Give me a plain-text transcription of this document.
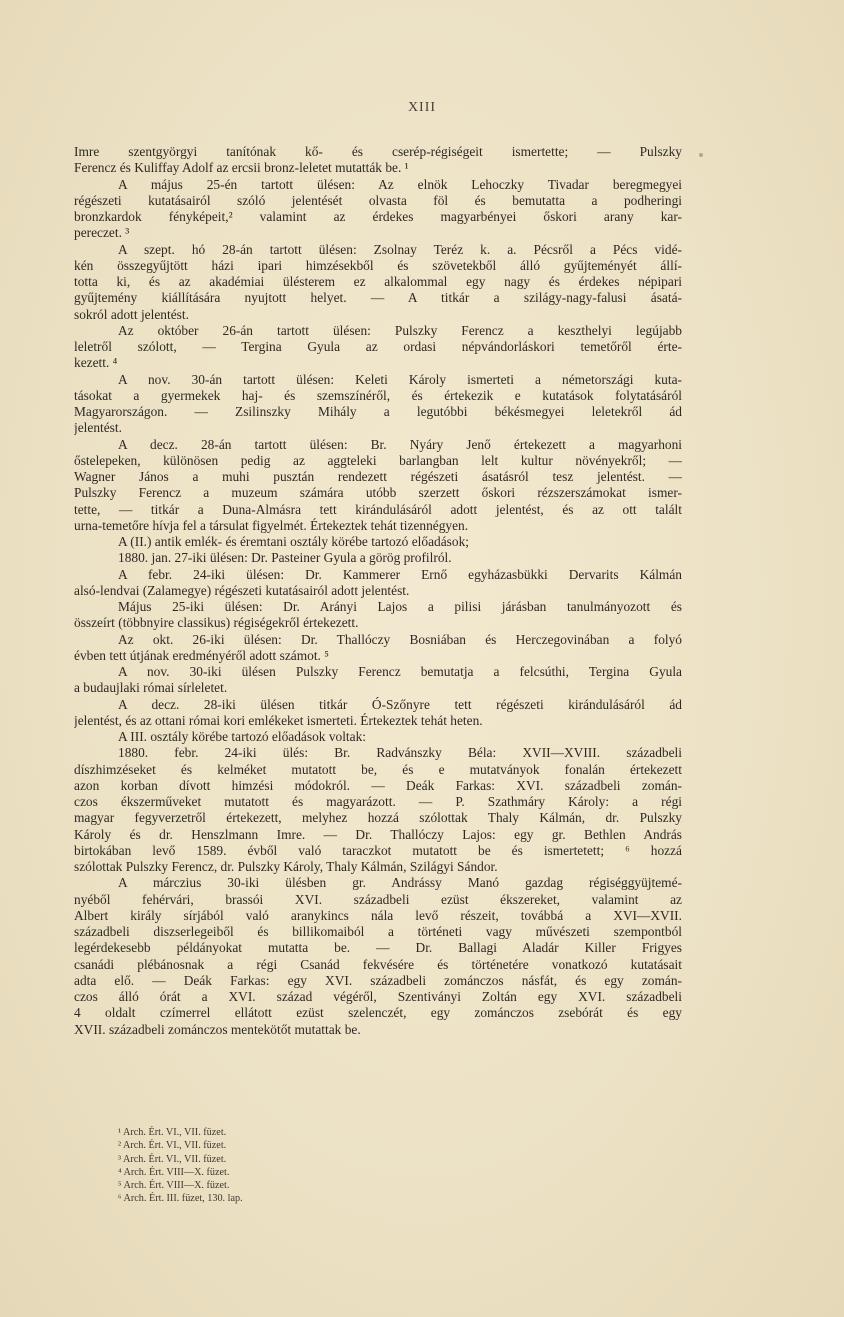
XIII
Imre szentgyörgyi tanítónak kő- és cserép-régiségeit ismertette; — Pulszky
Ferencz és Kuliffay Adolf az ercsii bronz-leletet mutatták be. ¹
A május 25-én tartott ülésen: Az elnök Lehoczky Tivadar beregmegyei
régészeti kutatásairól szóló jelentését olvasta föl és bemutatta a podheringi
bronzkardok fényképeit,² valamint az érdekes magyarbényei őskori arany kar-
pereczet. ³
A szept. hó 28-án tartott ülésen: Zsolnay Teréz k. a. Pécsről a Pécs vidé-
kén összegyűjtött házi ipari himzésekből és szövetekből álló gyűjteményét állí-
totta ki, és az akadémiai ülésterem ez alkalommal egy nagy és érdekes népipari
gyűjtemény kiállítására nyujtott helyet. — A titkár a szilágy-nagy-falusi ásatá-
sokról adott jelentést.
Az október 26-án tartott ülésen: Pulszky Ferencz a keszthelyi legújabb
leletről szólott, — Tergina Gyula az ordasi népvándorláskori temetőről érte-
kezett. ⁴
A nov. 30-án tartott ülésen: Keleti Károly ismerteti a németországi kuta-
tásokat a gyermekek haj- és szemszínéről, és értekezik e kutatások folytatásáról
Magyarországon. — Zsilinszky Mihály a legutóbbi békésmegyei leletekről ád
jelentést.
A decz. 28-án tartott ülésen: Br. Nyáry Jenő értekezett a magyarhoni
őstelepeken, különösen pedig az aggteleki barlangban lelt kultur növényekről; —
Wagner János a muhi pusztán rendezett régészeti ásatásról tesz jelentést. —
Pulszky Ferencz a muzeum számára utóbb szerzett őskori rézszerszámokat ismer-
tette, — titkár a Duna-Almásra tett kirándulásáról adott jelentést, és az ott talált
urna-temetőre hívja fel a társulat figyelmét. Értekeztek tehát tizennégyen.
A (II.) antik emlék- és éremtani osztály körébe tartozó előadások;
1880. jan. 27-iki ülésen: Dr. Pasteiner Gyula a görög profilról.
A febr. 24-iki ülésen: Dr. Kammerer Ernő egyházasbükki Dervarits Kálmán
alsó-lendvai (Zalamegye) régészeti kutatásairól adott jelentést.
Május 25-iki ülésen: Dr. Arányi Lajos a pilisi járásban tanulmányozott és
összeírt (többnyire classikus) régiségekről értekezett.
Az okt. 26-iki ülésen: Dr. Thallóczy Bosniában és Herczegovinában a folyó
évben tett útjának eredményéről adott számot. ⁵
A nov. 30-iki ülésen Pulszky Ferencz bemutatja a felcsúthi, Tergina Gyula
a budaujlaki római sírleletet.
A decz. 28-iki ülésen titkár Ó-Szőnyre tett régészeti kirándulásáról ád
jelentést, és az ottani római kori emlékeket ismerteti. Értekeztek tehát heten.
A III. osztály körébe tartozó előadások voltak:
1880. febr. 24-iki ülés: Br. Radvánszky Béla: XVII—XVIII. századbeli
díszhimzéseket és kelméket mutatott be, és e mutatványok fonalán értekezett
azon korban dívott himzési módokról. — Deák Farkas: XVI. századbeli zomán-
czos ékszerműveket mutatott és magyarázott. — P. Szathmáry Károly: a régi
magyar fegyverzetről értekezett, melyhez hozzá szólottak Thaly Kálmán, dr. Pulszky
Károly és dr. Henszlmann Imre. — Dr. Thallóczy Lajos: egy gr. Bethlen András
birtokában levő 1589. évből való taraczkot mutatott be és ismertetett; ⁶ hozzá
szólottak Pulszky Ferencz, dr. Pulszky Károly, Thaly Kálmán, Szilágyi Sándor.
A márczius 30-iki ülésben gr. Andrássy Manó gazdag régiséggyüjtemé-
nyéből fehérvári, brassói XVI. századbeli ezüst ékszereket, valamint az
Albert király sírjából való aranykincs nála levő részeit, továbbá a XVI—XVII.
századbeli diszserlegeiből és billikomaiból a történeti vagy művészeti szempontból
legérdekesebb példányokat mutatta be. — Dr. Ballagi Aladár Killer Frigyes
csanádi plébánosnak a régi Csanád fekvésére és történetére vonatkozó kutatásait
adta elő. — Deák Farkas: egy XVI. századbeli zománczos násfát, és egy zomán-
czos álló órát a XVI. század végéről, Szentiványi Zoltán egy XVI. századbeli
4 oldalt czímerrel ellátott ezüst szelenczét, egy zománczos zsebórát és egy
XVII. századbeli zománczos mentekötőt mutattak be.
¹ Arch. Ért. VI., VII. füzet.
² Arch. Ért. VI., VII. füzet.
³ Arch. Ért. VI., VII. füzet.
⁴ Arch. Ért. VIII—X. füzet.
⁵ Arch. Ért. VIII—X. füzet.
⁶ Arch. Ért. III. füzet, 130. lap.
